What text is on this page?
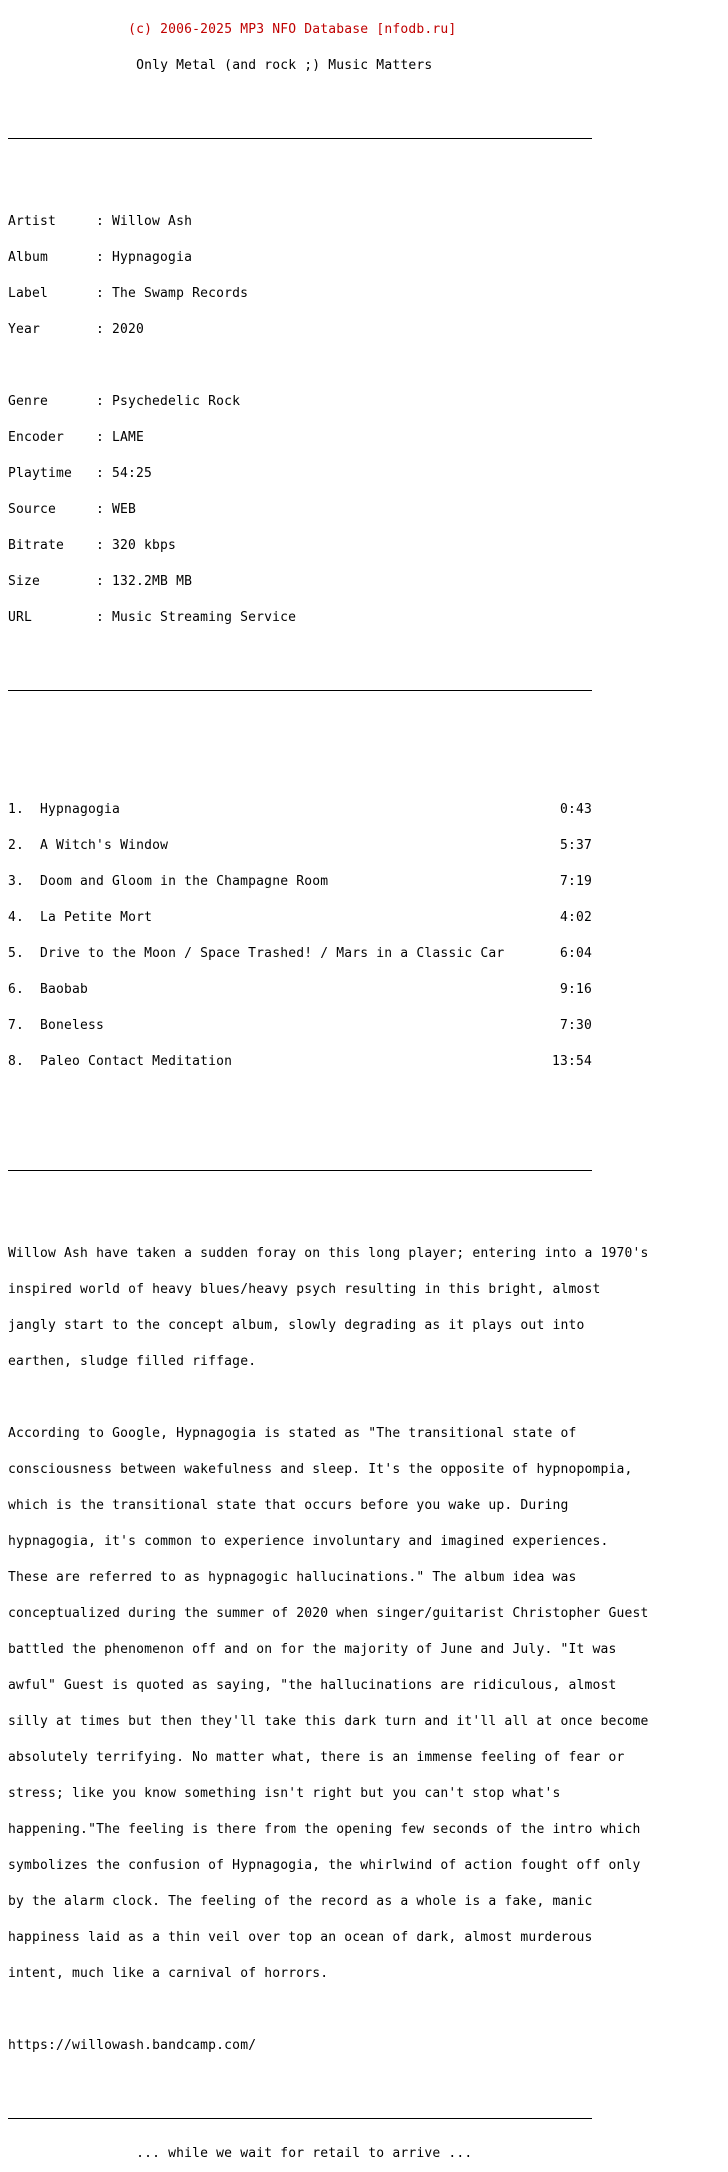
(c) 2006-2025 MP3 NFO Database [nfodb.ru]

Only Metal (and rock ;) Music Matters

Artist	: Willow Ash

Album	: Hypnagogia

Label	: The Swamp Records

Year	: 2020

Genre	: Psychedelic Rock

Encoder	: LAME

Playtime	: 54:25

Source	: WEB

Bitrate	: 320 kbps

Size	: 132.2MB MB

URL	: Music Streaming Service

1.	Hypnagogia	0:43

2.	A Witch's Window	5:37

3.	Doom and Gloom in the Champagne Room	7:19

4.	La Petite Mort	4:02

5.	Drive to the Moon / Space Trashed! / Mars in a Classic Car	6:04

6.	Baobab	9:16

7.	Boneless	7:30

8.	Paleo Contact Meditation	13:54

Willow Ash have taken a sudden foray on this long player; entering into a 1970's

inspired world of heavy blues/heavy psych resulting in this bright, almost

jangly start to the concept album, slowly degrading as it plays out into

earthen, sludge filled riffage.

According to Google, Hypnagogia is stated as "The transitional state of

consciousness between wakefulness and sleep. It's the opposite of hypnopompia,

which is the transitional state that occurs before you wake up. During

hypnagogia, it's common to experience involuntary and imagined experiences.

These are referred to as hypnagogic hallucinations." The album idea was

conceptualized during the summer of 2020 when singer/guitarist Christopher Guest

battled the phenomenon off and on for the majority of June and July. "It was

awful" Guest is quoted as saying, "the hallucinations are ridiculous, almost

silly at times but then they'll take this dark turn and it'll all at once become

absolutely terrifying. No matter what, there is an immense feeling of fear or

stress; like you know something isn't right but you can't stop what's

happening."The feeling is there from the opening few seconds of the intro which

symbolizes the confusion of Hypnagogia, the whirlwind of action fought off only

by the alarm clock. The feeling of the record as a whole is a fake, manic

happiness laid as a thin veil over top an ocean of dark, almost murderous

intent, much like a carnival of horrors.

https://willowash.bandcamp.com/

... while we wait for retail to arrive ...
